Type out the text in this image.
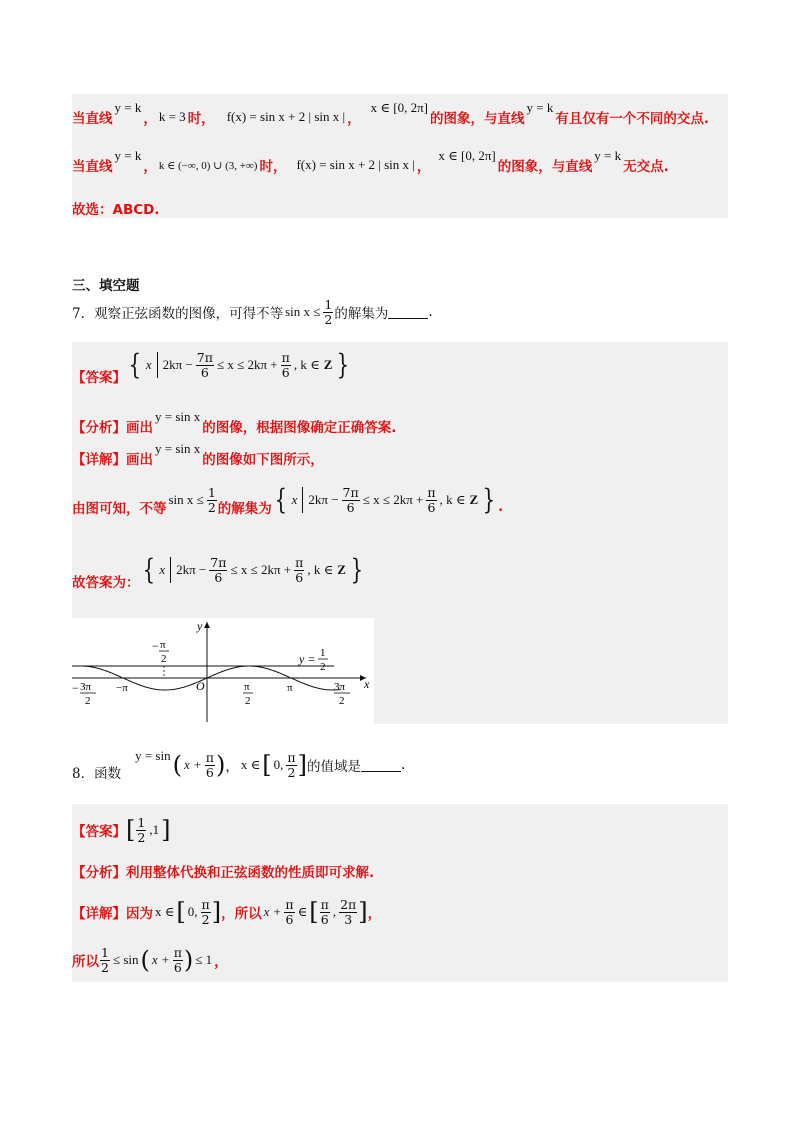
当直线
y = k
， k = 3 时， f(x) = sin x + 2 | sin x | ，
x ∈ [0, 2π]
的图象，与直线
y = k
有且仅有一个不同的交点.
当直线
y = k
， k ∈ (−∞, 0) ∪ (3, +∞) 时， f(x) = sin x + 2 | sin x | ，
x ∈ [0, 2π]
的图象，与直线
y = k
无交点.
故选：ABCD.
三、填空题
7．观察正弦函数的图像，可得不等 $\sin x \le \frac{1}{2}$ 的解集为	.
【答案】 { x $2k\pi - \frac{7\pi}{6} \le x \le 2k\pi + \frac{\pi}{6}$ , k ∈ Z }
【分析】 画出
y = sin x
的图像，根据图像确定正确答案.
【详解】 画出
y = sin x
的图像如下图所示，
由图可知，不等
$\sin x \le \frac{1}{2}$ 的解集为 { x $2k\pi - \frac{7\pi}{6} \le x \le 2k\pi + \frac{\pi}{6}$ , k ∈ Z } .
故答案为： { x $2k\pi - \frac{7\pi}{6} \le x \le 2k\pi + \frac{\pi}{6}$ , k ∈ Z }
y
x
O
− π
2
− 3π
2
−π	π
2
π	3π
2
y = 1
2
8．函数
y = sin ( $x + \frac{\pi}{6}$ ) ， x ∈ [ 0, $\frac{\pi}{2}$ ] 的值域是	.
【答案】 [ $\frac{1}{2} ,1$ ]
【分析】 利用整体代换和正弦函数的性质即可求解.
【详解】 因为 x ∈ [ 0, $\frac{\pi}{2}$ ] ，所以 $x + \frac{\pi}{6}$ ∈ [ $\frac{\pi}{6}$ , $\frac{2\pi}{3}$ ] ，
所以 $\frac{1}{2} \le \sin$ ( $x + \frac{\pi}{6}$ ) ≤ 1 ，
